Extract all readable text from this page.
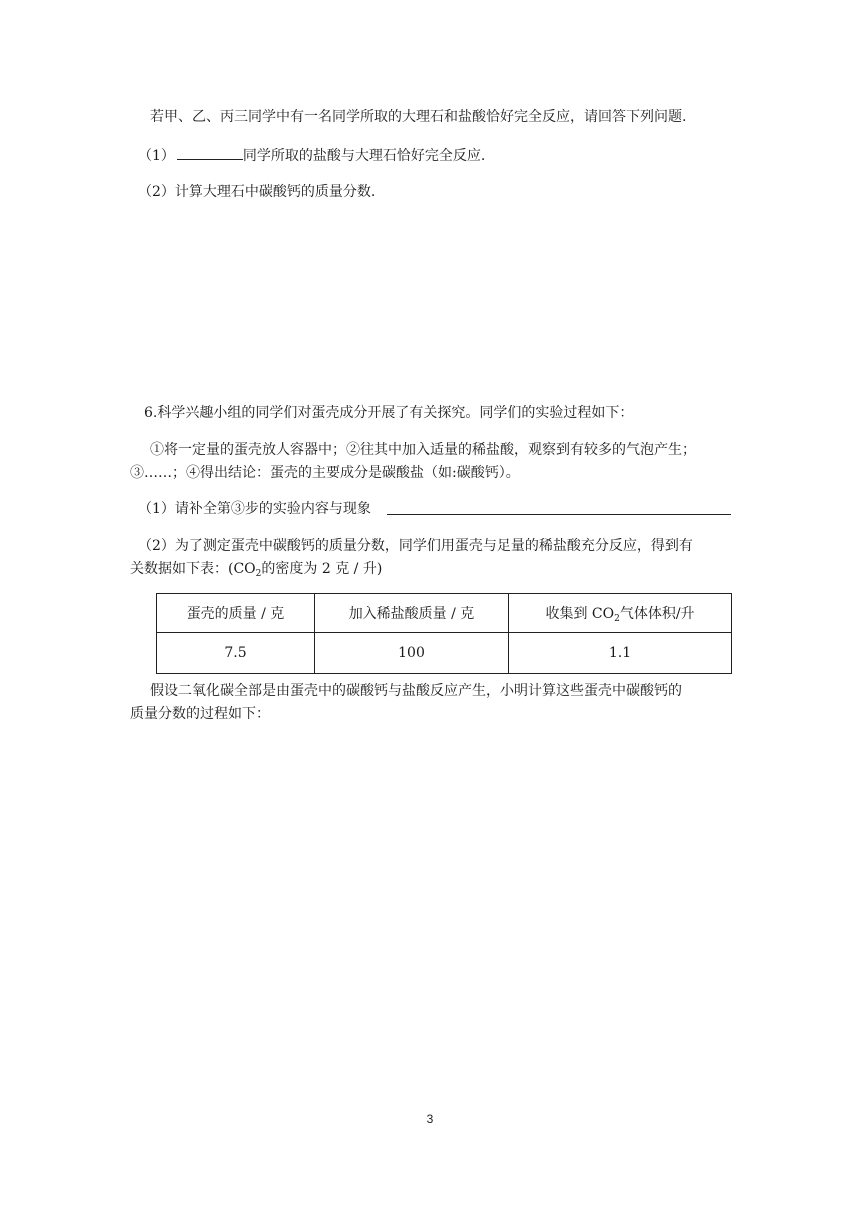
若甲、乙、丙三同学中有一名同学所取的大理石和盐酸恰好完全反应，请回答下列问题.
（1）	同学所取的盐酸与大理石恰好完全反应.
（2）计算大理石中碳酸钙的质量分数.
6.科学兴趣小组的同学们对蛋壳成分开展了有关探究。同学们的实验过程如下：
①将一定量的蛋壳放人容器中；②往其中加入适量的稀盐酸，观察到有较多的气泡产生；
③……；④得出结论：蛋壳的主要成分是碳酸盐（如:碳酸钙）。
（1）请补全第③步的实验内容与现象
（2）为了测定蛋壳中碳酸钙的质量分数，同学们用蛋壳与足量的稀盐酸充分反应，得到有
关数据如下表：($CO_2$的密度为 2 克 / 升)
蛋壳的质量 / 克	加入稀盐酸质量 / 克	收集到 $CO_2$气体体积/升
7.5	100	1.1
假设二氧化碳全部是由蛋壳中的碳酸钙与盐酸反应产生，小明计算这些蛋壳中碳酸钙的
质量分数的过程如下：
3
